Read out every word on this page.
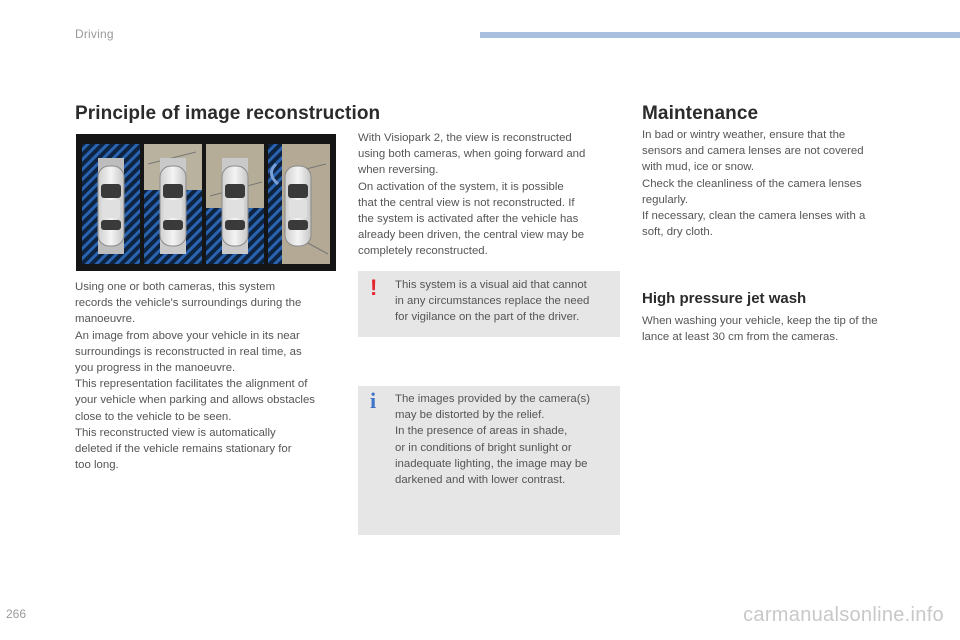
Driving
Principle of image reconstruction
Using one or both cameras, this system
records the vehicle's surroundings during the
manoeuvre.
An image from above your vehicle in its near
surroundings is reconstructed in real time, as
you progress in the manoeuvre.
This representation facilitates the alignment of
your vehicle when parking and allows obstacles
close to the vehicle to be seen.
This reconstructed view is automatically
deleted if the vehicle remains stationary for
too long.
With Visiopark 2, the view is reconstructed
using both cameras, when going forward and
when reversing.
On activation of the system, it is possible
that the central view is not reconstructed. If
the system is activated after the vehicle has
already been driven, the central view may be
completely reconstructed.
! This system is a visual aid that cannot
in any circumstances replace the need
for vigilance on the part of the driver.
i The images provided by the camera(s)
may be distorted by the relief.
In the presence of areas in shade,
or in conditions of bright sunlight or
inadequate lighting, the image may be
darkened and with lower contrast.
Maintenance
In bad or wintry weather, ensure that the
sensors and camera lenses are not covered
with mud, ice or snow.
Check the cleanliness of the camera lenses
regularly.
If necessary, clean the camera lenses with a
soft, dry cloth.
High pressure jet wash
When washing your vehicle, keep the tip of the
lance at least 30 cm from the cameras.
266	carmanualsonline.info
